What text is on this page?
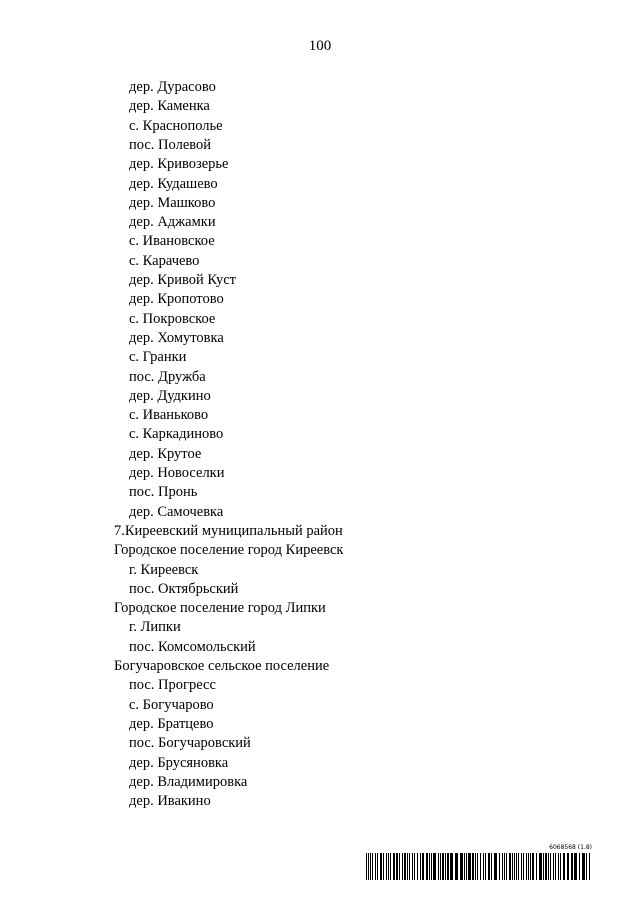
100
дер. Дурасово
дер. Каменка
с. Краснополье
пос. Полевой
дер. Кривозерье
дер. Кудашево
дер. Машково
дер. Аджамки
с. Ивановское
с. Карачево
дер. Кривой Куст
дер. Кропотово
с. Покровское
дер. Хомутовка
с. Гранки
пос. Дружба
дер. Дудкино
с. Иваньково
с. Каркадиново
дер. Крутое
дер. Новоселки
пос. Пронь
дер. Самочевка
7.Киреевский муниципальный район
Городское поселение город Киреевск
г. Киреевск
пос. Октябрьский
Городское поселение город Липки
г. Липки
пос. Комсомольский
Богучаровское сельское поселение
пос. Прогресс
с. Богучарово
дер. Братцево
пос. Богучаровский
дер. Брусяновка
дер. Владимировка
дер. Ивакино
6068568 (1.8)
